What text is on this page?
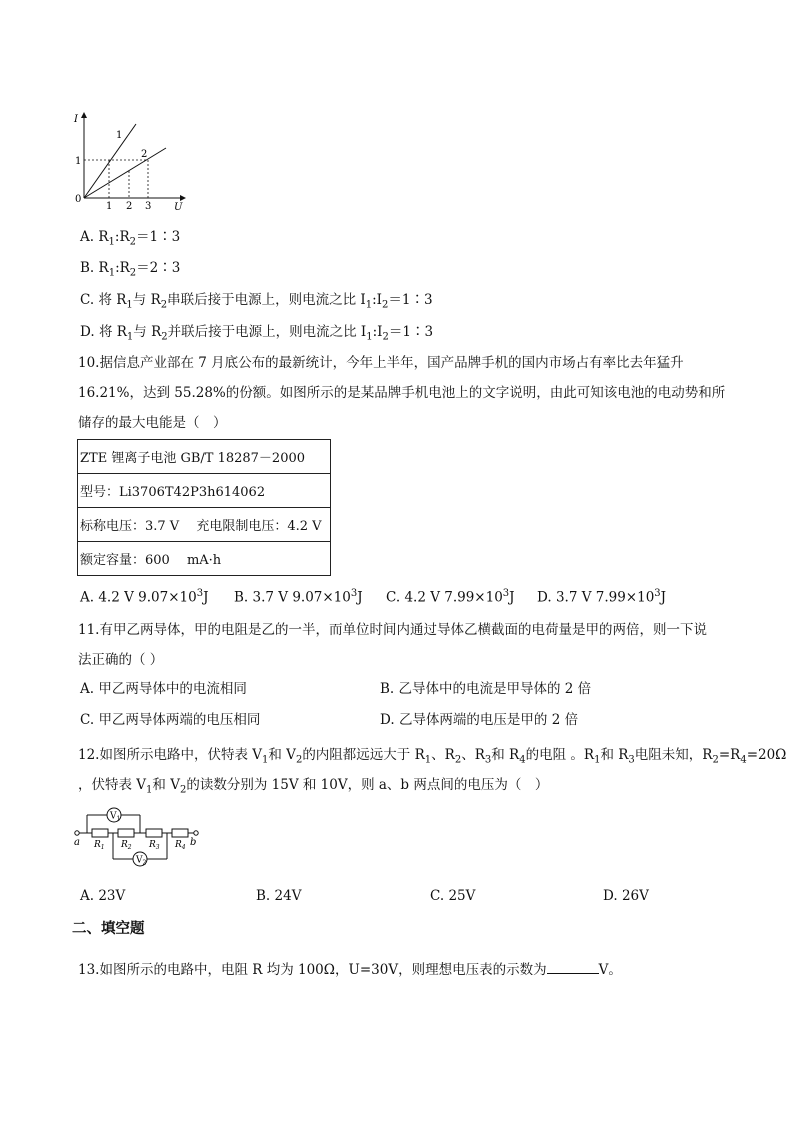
I
U
0
1
1 2 3
1
2
A. $R_1:R_2=1∶3$
B. $R_1:R_2=2∶3$
C. 将 $R_1$与 $R_2$串联后接于电源上，则电流之比 $I_1:I_2=1∶3$
D. 将 $R_1$与 $R_2$并联后接于电源上，则电流之比 $I_1:I_2=1∶3$
10.据信息产业部在 7 月底公布的最新统计，今年上半年，国产品牌手机的国内市场占有率比去年猛升 16.21%，达到 55.28%的份额。如图所示的是某品牌手机电池上的文字说明，由此可知该电池的电动势和所储存的最大电能是（　）
ZTE 锂离子电池 GB/T 18287－2000
型号：Li3706T42P3h614062
标称电压：3.7 V　 充电限制电压：4.2 V
额定容量：600　 mA·h
A. 4.2 V $9.07\times 10^3J$ B. 3.7 V $9.07\times 10^3J$ C. 4.2 V $7.99\times 10^3J$ D. 3.7 V $7.99\times 10^3J$
11.有甲乙两导体，甲的电阻是乙的一半，而单位时间内通过导体乙横截面的电荷量是甲的两倍，则一下说
法正确的（ ）
A. 甲乙两导体中的电流相同	B. 乙导体中的电流是甲导体的 2 倍
C. 甲乙两导体两端的电压相同	D. 乙导体两端的电压是甲的 2 倍
12.如图所示电路中，伏特表 $V_1$和 $V_2$的内阻都远远大于 $R_1$、$R_2$、$R_3$和 $R_4$的电阻 。$R_1$和 $R_3$电阻未知，$R_2=R_4=20\Omega$
，伏特表 $V_1$和 $V_2$的读数分别为 15V 和 10V，则 a、b 两点间的电压为（　）
$V_1$
$V_2$
$R_1$ $R_2$ $R_3$ $R_4$
a	b
A. 23V	B. 24V	C. 25V	D. 26V
二、填空题
13.如图所示的电路中，电阻 R 均为 100Ω，U=30V，则理想电压表的示数为	V。
